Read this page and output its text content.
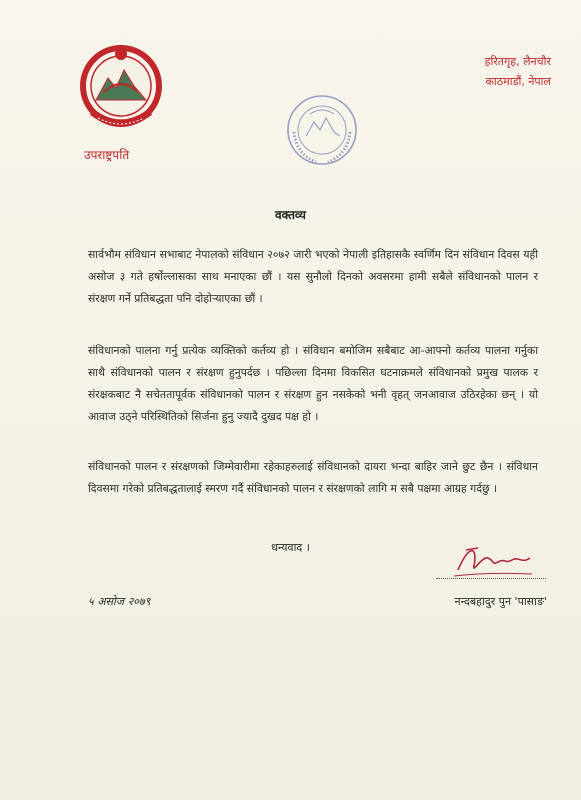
उपराष्ट्रपति
हरितगृह, लैनचौर
काठमाडौं, नेपाल
वक्तव्य

सार्वभौम संविधान सभाबाट नेपालको संविधान २०७२ जारी भएको नेपाली इतिहासकै स्वर्णिम दिन संविधान दिवस यही असोज ३ गते हर्षोल्लासका साथ मनाएका छौं । यस सुनौलो दिनको अवसरमा हामी सबैले संविधानको पालन र संरक्षण गर्ने प्रतिबद्धता पनि दोहोऱ्याएका छौं ।

संविधानको पालना गर्नु प्रत्येक व्यक्तिको कर्तव्य हो । संविधान बमोजिम सबैबाट आ-आफ्नो कर्तव्य पालना गर्नुका साथै संविधानको पालन र संरक्षण हुनुपर्दछ । पछिल्ला दिनमा विकसित घटनाक्रमले संविधानको प्रमुख पालक र संरक्षकबाट नै सचेततापूर्वक संविधानको पालन र संरक्षण हुन नसकेको भनी वृहत् जनआवाज उठिरहेका छन् । यो आवाज उठ्ने परिस्थितिको सिर्जना हुनु ज्यादै दुखद पक्ष हो ।

संविधानको पालन र संरक्षणको जिम्मेवारीमा रहेकाहरुलाई संविधानको दायरा भन्दा बाहिर जाने छुट छैन । संविधान दिवसमा गरेको प्रतिबद्धतालाई स्मरण गर्दै संविधानको पालन र संरक्षणको लागि म सबै पक्षमा आग्रह गर्दछु ।

धन्यवाद ।
५ असोज २०७९	नन्दबहादुर पुन 'पासाङ'
